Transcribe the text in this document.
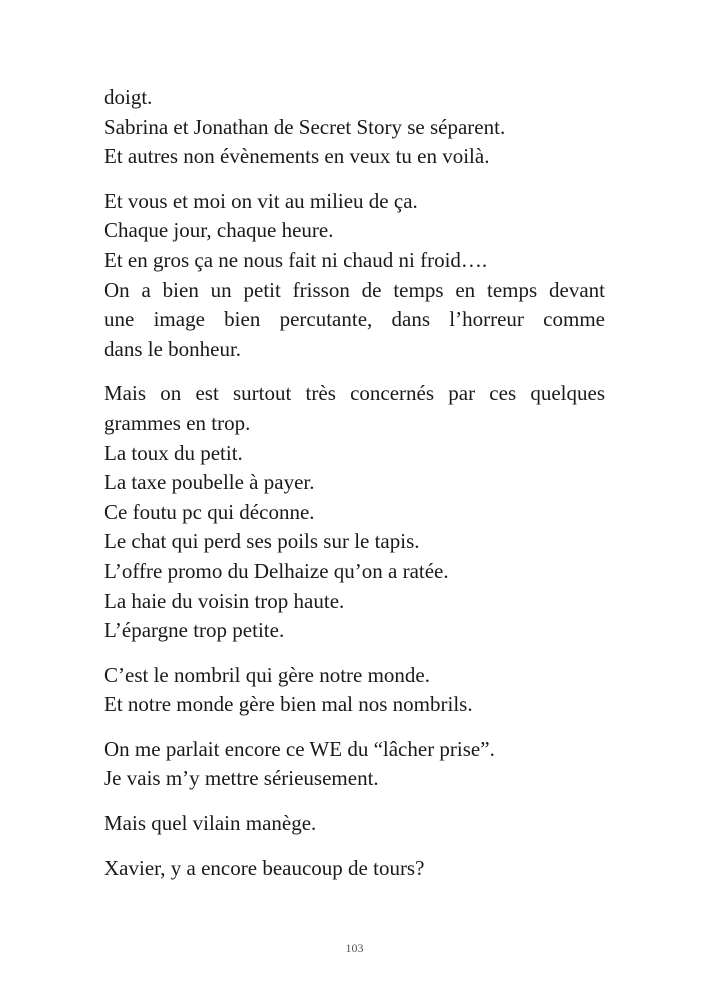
doigt.
Sabrina et Jonathan de Secret Story se séparent.
Et autres non évènements en veux tu en voilà.

Et vous et moi on vit au milieu de ça.
Chaque jour, chaque heure.
Et en gros ça ne nous fait ni chaud ni froid….
On a bien un petit frisson de temps en temps devant
une image bien percutante, dans l’horreur comme
dans le bonheur.

Mais on est surtout très concernés par ces quelques
grammes en trop.
La toux du petit.
La taxe poubelle à payer.
Ce foutu pc qui déconne.
Le chat qui perd ses poils sur le tapis.
L’offre promo du Delhaize qu’on a ratée.
La haie du voisin trop haute.
L’épargne trop petite.

C’est le nombril qui gère notre monde.
Et notre monde gère bien mal nos nombrils.

On me parlait encore ce WE du “lâcher prise”.
Je vais m’y mettre sérieusement.

Mais quel vilain manège.

Xavier, y a encore beaucoup de tours?

103
